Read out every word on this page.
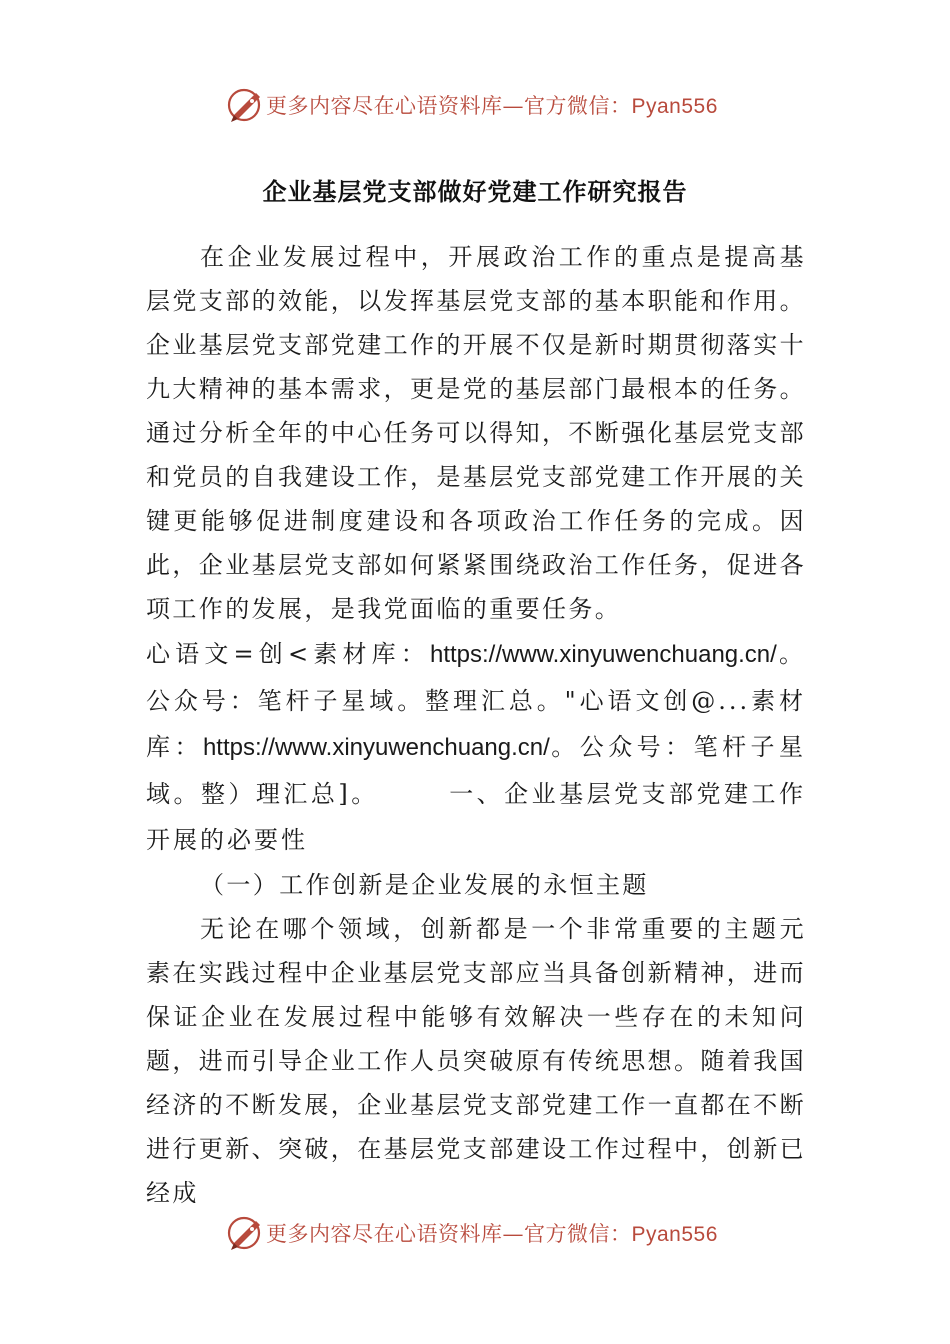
更多内容尽在心语资料库—官方微信：Pyan556
企业基层党支部做好党建工作研究报告

在企业发展过程中，开展政治工作的重点是提高基层党支部的效能，以发挥基层党支部的基本职能和作用。企业基层党支部党建工作的开展不仅是新时期贯彻落实十九大精神的基本需求，更是党的基层部门最根本的任务。通过分析全年的中心任务可以得知，不断强化基层党支部和党员的自我建设工作，是基层党支部党建工作开展的关键更能够促进制度建设和各项政治工作任务的完成。因此，企业基层党支部如何紧紧围绕政治工作任务，促进各项工作的发展，是我党面临的重要任务。

心语文=创<素材库：https://www.xinyuwenchuang.cn/。公众号：笔杆子星域。整理汇总。"心语文创@...素材库：https://www.xinyuwenchuang.cn/。公众号：笔杆子星域。整）理汇总]。　　　	一、企业基层党支部党建工作开展的必要性

（一）工作创新是企业发展的永恒主题

无论在哪个领域，创新都是一个非常重要的主题元素在实践过程中企业基层党支部应当具备创新精神，进而保证企业在发展过程中能够有效解决一些存在的未知问题，进而引导企业工作人员突破原有传统思想。随着我国经济的不断发展，企业基层党支部党建工作一直都在不断进行更新、突破，在基层党支部建设工作过程中，创新已经成

更多内容尽在心语资料库—官方微信：Pyan556
